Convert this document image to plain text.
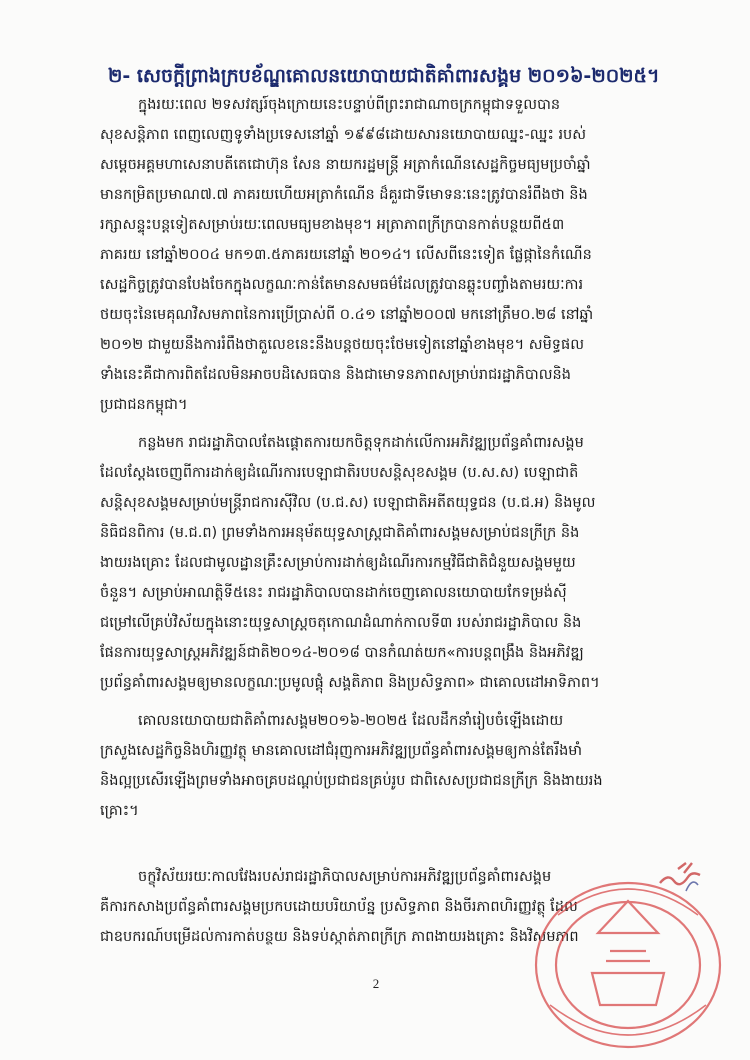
២- សេចក្តីព្រាងក្របខ័ណ្ឌគោលនយោបាយជាតិគាំពារសង្គម ២០១៦-២០២៥។
ក្នុងរយៈពេល ២ទសវត្សរ៍ចុងក្រោយនេះបន្ទាប់ពីព្រះរាជាណាចក្រកម្ពុជាទទួលបាន
សុខសន្តិភាព ពេញលេញទូទាំងប្រទេសនៅឆ្នាំ ១៩៩៨ដោយសារនយោបាយឈ្នះ-ឈ្នះ របស់
សម្តេចអគ្គមហាសេនាបតីតេជោហ៊ុន សែន នាយករដ្ឋមន្ត្រី អត្រាកំណើនសេដ្ឋកិច្ចមធ្យមប្រចាំឆ្នាំ
មានកម្រិតប្រមាណ៧.៧ ភាគរយហើយអត្រាកំណើន ដ៏គួរជាទីមោទនៈនេះត្រូវបានរំពឹងថា និង
រក្សាសន្ទុះបន្តទៀតសម្រាប់រយៈពេលមធ្យមខាងមុខ។ អត្រាភាពក្រីក្របានកាត់បន្ថយពី៥៣
ភាគរយ នៅឆ្នាំ២០០៤ មក១៣.៥ភាគរយនៅឆ្នាំ ២០១៤។ លើសពីនេះទៀត ផ្លែផ្កានៃកំណើន
សេដ្ឋកិច្ចត្រូវបានបែងចែកក្នុងលក្ខណៈកាន់តែមានសមធម៌ដែលត្រូវបានឆ្លុះបញ្ចាំងតាមរយៈការ
ថយចុះនៃមេគុណវិសមភាពនៃការប្រើប្រាស់ពី ០.៤១ នៅឆ្នាំ២០០៧ មកនៅត្រឹម០.២៨ នៅឆ្នាំ
២០១២ ជាមួយនឹងការរំពឹងថាតួលេខនេះនឹងបន្តថយចុះថែមទៀតនៅឆ្នាំខាងមុខ។ សមិទ្ធផល
ទាំងនេះគឺជាការពិតដែលមិនអាចបដិសេធបាន និងជាមោទនភាពសម្រាប់រាជរដ្ឋាភិបាលនិង
ប្រជាជនកម្ពុជា។
កន្លងមក រាជរដ្ឋាភិបាលតែងផ្តោតការយកចិត្តទុកដាក់លើការអភិវឌ្ឍប្រព័ន្ធគាំពារសង្គម
ដែលស្តែងចេញពីការដាក់ឲ្យដំណើរការបេឡាជាតិរបបសន្តិសុខសង្គម (ប.ស.ស) បេឡាជាតិ
សន្តិសុខសង្គមសម្រាប់មន្ត្រីរាជការស៊ីវិល (ប.ជ.ស) បេឡាជាតិអតីតយុទ្ធជន (ប.ជ.អ) និងមូល
និធិជនពិការ (ម.ជ.ព) ព្រមទាំងការអនុម័តយុទ្ធសាស្ត្រជាតិគាំពារសង្គមសម្រាប់ជនក្រីក្រ និង
ងាយរងគ្រោះ ដែលជាមូលដ្ឋានគ្រឹះសម្រាប់ការដាក់ឲ្យដំណើរការកម្មវិធីជាតិជំនួយសង្គមមួយ
ចំនួន។ សម្រាប់អាណត្តិទី៥នេះ រាជរដ្ឋាភិបាលបានដាក់ចេញគោលនយោបាយកែទម្រង់ស៊ី
ជម្រៅលើគ្រប់វិស័យក្នុងនោះយុទ្ធសាស្រ្តចតុកោណដំណាក់កាលទី៣ របស់រាជរដ្ឋាភិបាល និង
ផែនការយុទ្ធសាស្រ្តអភិវឌ្ឍន៍ជាតិ២០១៤-២០១៨ បានកំណត់យក«ការបន្តពង្រឹង និងអភិវឌ្ឍ
ប្រព័ន្ធគាំពារសង្គមឲ្យមានលក្ខណៈប្រមូលផ្តុំ សង្គតិភាព និងប្រសិទ្ធភាព» ជាគោលដៅអាទិភាព។
គោលនយោបាយជាតិគាំពារសង្គម២០១៦-២០២៥ ដែលដឹកនាំរៀបចំឡើងដោយ
ក្រសួងសេដ្ឋកិច្ចនិងហិរញ្ញវត្ថុ មានគោលដៅជំរុញការអភិវឌ្ឍប្រព័ន្ធគាំពារសង្គមឲ្យកាន់តែរឹងមាំ
និងល្អប្រសើរឡើងព្រមទាំងអាចគ្របដណ្តប់ប្រជាជនគ្រប់រូប ជាពិសេសប្រជាជនក្រីក្រ និងងាយរង
គ្រោះ។
ចក្ខុវិស័យរយៈកាលវែងរបស់រាជរដ្ឋាភិបាលសម្រាប់ការអភិវឌ្ឍប្រព័ន្ធគាំពារសង្គម
គឺការកសាងប្រព័ន្ធគាំពារសង្គមប្រកបដោយបរិយាប័ន្ន ប្រសិទ្ធភាព និងចីរភាពហិរញ្ញវត្ថុ ដែល
ជាឧបករណ៍បម្រើដល់ការកាត់បន្ថយ និងទប់ស្កាត់ភាពក្រីក្រ ភាពងាយរងគ្រោះ និងវិសមភាព
2
